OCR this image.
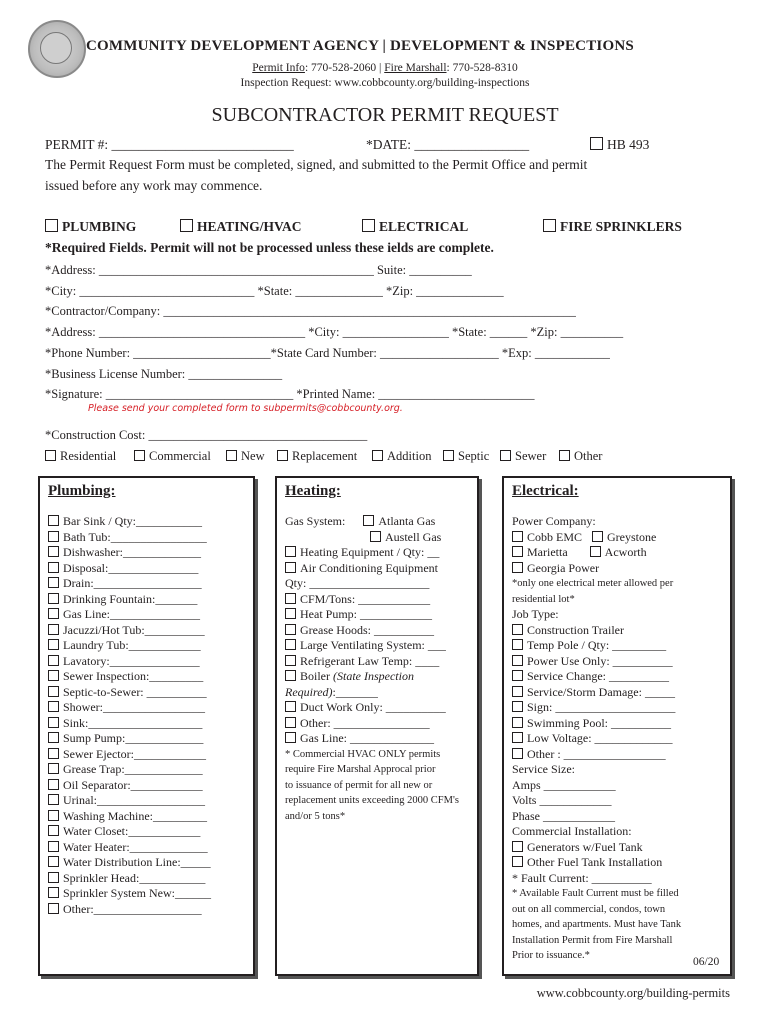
COMMUNITY DEVELOPMENT AGENCY | DEVELOPMENT & INSPECTIONS
Permit Info: 770-528-2060 | Fire Marshall: 770-528-8310
Inspection Request: www.cobbcounty.org/building-inspections
SUBCONTRACTOR PERMIT REQUEST
PERMIT #: ___________________________	*DATE: _________________	HB 493
The Permit Request Form must be completed, signed, and submitted to the Permit Office and permit
issued before any work may commence.
PLUMBING	HEATING/HVAC	ELECTRICAL	FIRE SPRINKLERS
*Required Fields. Permit will not be processed unless these ields are complete.
*Address: ____________________________________________ Suite: __________
*City: ____________________________ *State: ______________ *Zip: ______________
*Contractor/Company: __________________________________________________________________
*Address: _________________________________ *City: _________________ *State: ______ *Zip: __________
*Phone Number: ______________________*State Card Number: ___________________ *Exp: ____________
*Business License Number: _______________
*Signature: ______________________________ *Printed Name: _________________________
Please send your completed form to subpermits@cobbcounty.org.
*Construction Cost: ___________________________________
Residential	Commercial	New	Replacement	Addition	Septic	Sewer	Other
Plumbing:
Bar Sink / Qty:___________
Bath Tub:________________
Dishwasher:_____________
Disposal:_______________
Drain:__________________
Drinking Fountain:_______
Gas Line:_______________
Jacuzzi/Hot Tub:__________
Laundry Tub:____________
Lavatory:_______________
Sewer Inspection:_________
Septic-to-Sewer: __________
Shower:_________________
Sink:___________________
Sump Pump:_____________
Sewer Ejector:____________
Grease Trap:_____________
Oil Separator:____________
Urinal:__________________
Washing Machine:_________
Water Closet:____________
Water Heater:_____________
Water Distribution Line:_____
Sprinkler Head:___________
Sprinkler System New:______
Other:__________________
Heating:
Gas System:	Atlanta Gas
Austell Gas
Heating Equipment / Qty: __
Air Conditioning Equipment
Qty: ____________________
CFM/Tons: ____________
Heat Pump: ____________
Grease Hoods: __________
Large Ventilating System: ___
Refrigerant Law Temp: ____
Boiler (State Inspection
Required):_______
Duct Work Only: __________
Other: ________________
Gas Line: ______________
* Commercial HVAC ONLY permits
require Fire Marshal Approcal prior
to issuance of permit for all new or
replacement units exceeding 2000 CFM's
and/or 5 tons*
Electrical:
Power Company:
Cobb EMC Greystone
Marietta	Acworth
Georgia Power
*only one electrical meter allowed per
residential lot*
Job Type:
Construction Trailer
Temp Pole / Qty: _________
Power Use Only: __________
Service Change: __________
Service/Storm Damage: _____
Sign: ____________________
Swimming Pool: __________
Low Voltage: _____________
Other : _________________
Service Size:
Amps ____________
Volts ____________
Phase ____________
Commercial Installation:
Generators w/Fuel Tank
Other Fuel Tank Installation
* Fault Current: __________
* Available Fault Current must be filled
out on all commercial, condos, town
homes, and apartments. Must have Tank
Installation Permit from Fire Marshall
Prior to issuance.*
06/20
www.cobbcounty.org/building-permits
